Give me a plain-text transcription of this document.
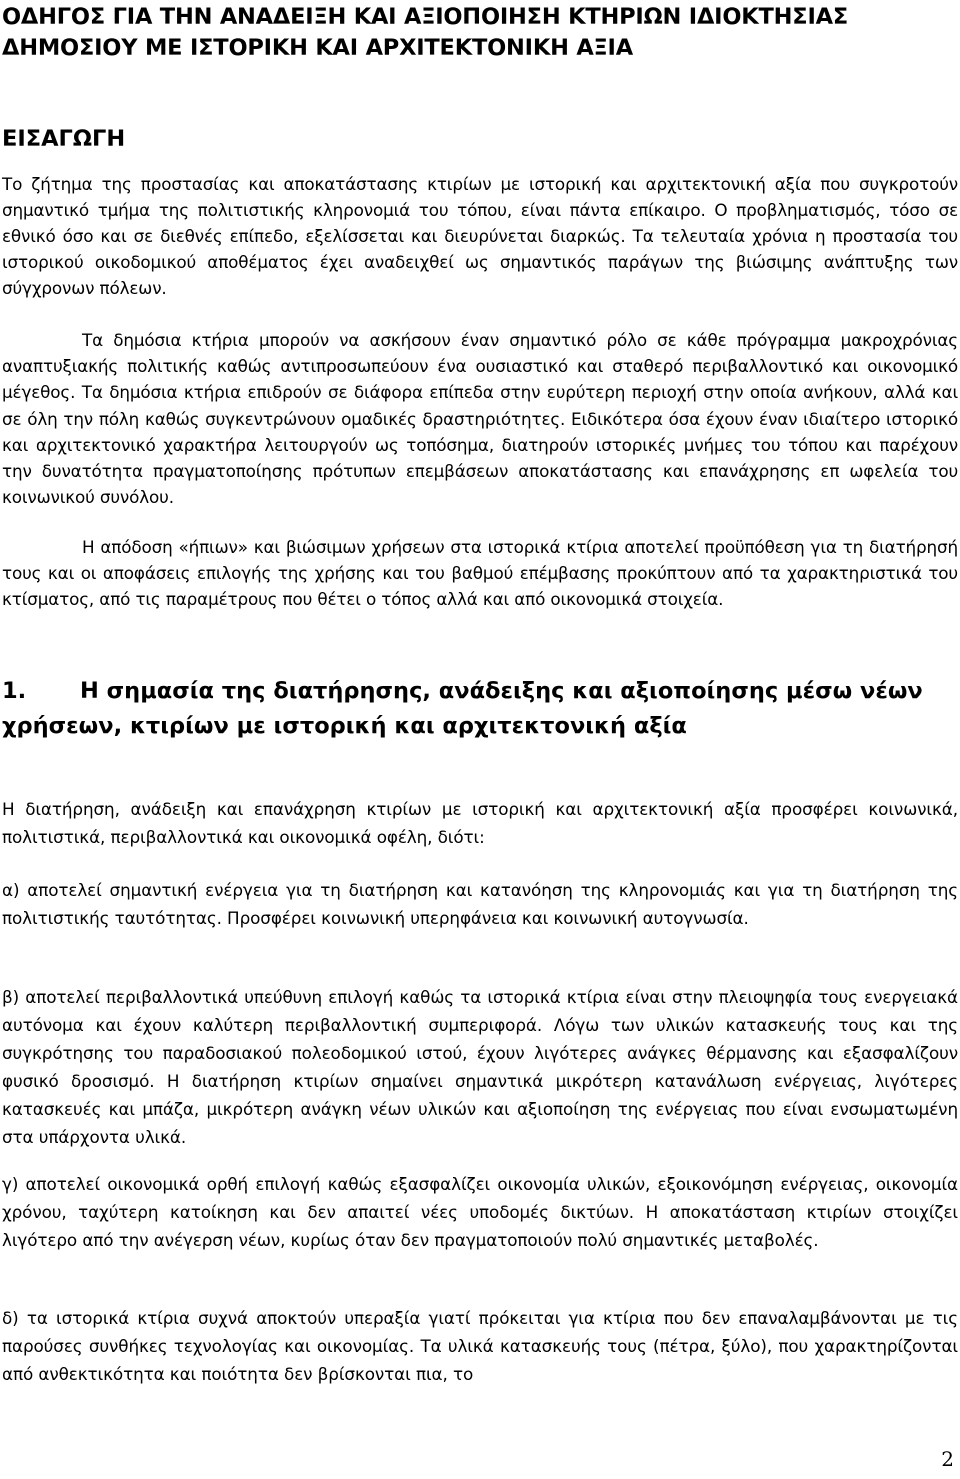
ΟΔΗΓΟΣ ΓΙΑ ΤΗΝ ΑΝΑΔΕΙΞΗ ΚΑΙ ΑΞΙΟΠΟΙΗΣΗ ΚΤΗΡΙΩΝ ΙΔΙΟΚΤΗΣΙΑΣ ΔΗΜΟΣΙΟΥ ΜΕ ΙΣΤΟΡΙΚΗ ΚΑΙ ΑΡΧΙΤΕΚΤΟΝΙΚΗ ΑΞΙΑ
ΕΙΣΑΓΩΓΗ

Το ζήτημα της προστασίας και αποκατάστασης κτιρίων με ιστορική και αρχιτεκτονική αξία που συγκροτούν σημαντικό τμήμα της πολιτιστικής κληρονομιά του τόπου, είναι πάντα επίκαιρο. Ο προβληματισμός, τόσο σε εθνικό όσο και σε διεθνές επίπεδο, εξελίσσεται και διευρύνεται διαρκώς. Τα τελευταία χρόνια η προστασία του ιστορικού οικοδομικού αποθέματος έχει αναδειχθεί ως σημαντικός παράγων της βιώσιμης ανάπτυξης των σύγχρονων πόλεων.

Τα δημόσια κτήρια μπορούν να ασκήσουν έναν σημαντικό ρόλο σε κάθε πρόγραμμα μακροχρόνιας αναπτυξιακής πολιτικής καθώς αντιπροσωπεύουν ένα ουσιαστικό και σταθερό περιβαλλοντικό και οικονομικό μέγεθος. Τα δημόσια κτήρια επιδρούν σε διάφορα επίπεδα στην ευρύτερη περιοχή στην οποία ανήκουν, αλλά και σε όλη την πόλη καθώς συγκεντρώνουν ομαδικές δραστηριότητες. Ειδικότερα όσα έχουν έναν ιδιαίτερο ιστορικό και αρχιτεκτονικό χαρακτήρα λειτουργούν ως τοπόσημα, διατηρούν ιστορικές μνήμες του τόπου και παρέχουν την δυνατότητα πραγματοποίησης πρότυπων επεμβάσεων αποκατάστασης και επανάχρησης επ ωφελεία του κοινωνικού συνόλου.

Η απόδοση «ήπιων» και βιώσιμων χρήσεων στα ιστορικά κτίρια αποτελεί προϋπόθεση για τη διατήρησή τους και οι αποφάσεις επιλογής της χρήσης και του βαθμού επέμβασης προκύπτουν από τα χαρακτηριστικά του κτίσματος, από τις παραμέτρους που θέτει ο τόπος αλλά και από οικονομικά στοιχεία.

1. Η σημασία της διατήρησης, ανάδειξης και αξιοποίησης μέσω νέων χρήσεων, κτιρίων με ιστορική και αρχιτεκτονική αξία

Η διατήρηση, ανάδειξη και επανάχρηση κτιρίων με ιστορική και αρχιτεκτονική αξία προσφέρει κοινωνικά, πολιτιστικά, περιβαλλοντικά και οικονομικά οφέλη, διότι:

α) αποτελεί σημαντική ενέργεια για τη διατήρηση και κατανόηση της κληρονομιάς και για τη διατήρηση της πολιτιστικής ταυτότητας. Προσφέρει κοινωνική υπερηφάνεια και κοινωνική αυτογνωσία.

β) αποτελεί περιβαλλοντικά υπεύθυνη επιλογή καθώς τα ιστορικά κτίρια είναι στην πλειοψηφία τους ενεργειακά αυτόνομα και έχουν καλύτερη περιβαλλοντική συμπεριφορά. Λόγω των υλικών κατασκευής τους και της συγκρότησης του παραδοσιακού πολεοδομικού ιστού, έχουν λιγότερες ανάγκες θέρμανσης και εξασφαλίζουν φυσικό δροσισμό. Η διατήρηση κτιρίων σημαίνει σημαντικά μικρότερη κατανάλωση ενέργειας, λιγότερες κατασκευές και μπάζα, μικρότερη ανάγκη νέων υλικών και αξιοποίηση της ενέργειας που είναι ενσωματωμένη στα υπάρχοντα υλικά.

γ) αποτελεί οικονομικά ορθή επιλογή καθώς εξασφαλίζει οικονομία υλικών, εξοικονόμηση ενέργειας, οικονομία χρόνου, ταχύτερη κατοίκηση και δεν απαιτεί νέες υποδομές δικτύων. Η αποκατάσταση κτιρίων στοιχίζει λιγότερο από την ανέγερση νέων, κυρίως όταν δεν πραγματοποιούν πολύ σημαντικές μεταβολές.

δ) τα ιστορικά κτίρια συχνά αποκτούν υπεραξία γιατί πρόκειται για κτίρια που δεν επαναλαμβάνονται με τις παρούσες συνθήκες τεχνολογίας και οικονομίας. Τα υλικά κατασκευής τους (πέτρα, ξύλο), που χαρακτηρίζονται από ανθεκτικότητα και ποιότητα δεν βρίσκονται πια, το

2
